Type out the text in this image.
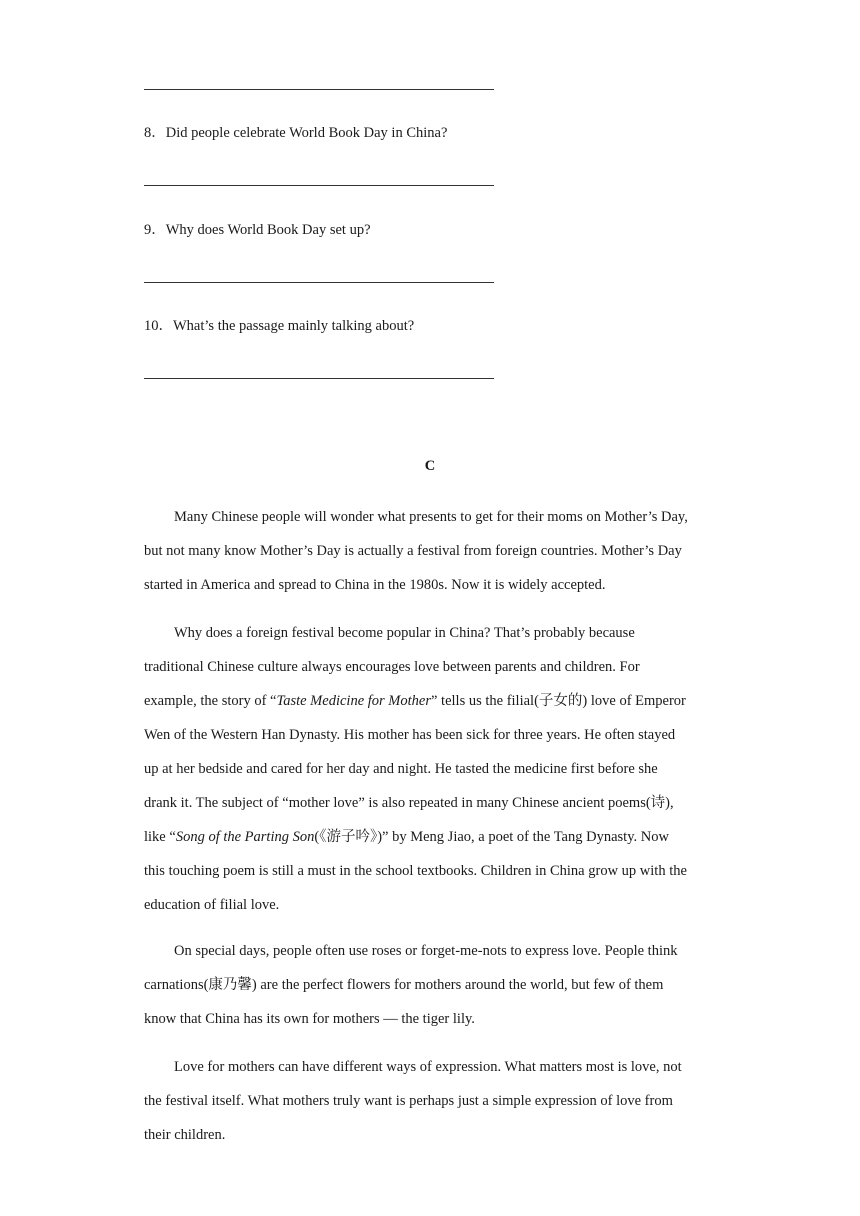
8．Did people celebrate World Book Day in China?

9．Why does World Book Day set up?

10．What’s the passage mainly talking about?

C

Many Chinese people will wonder what presents to get for their moms on Mother’s Day,
but not many know Mother’s Day is actually a festival from foreign countries. Mother’s Day
started in America and spread to China in the 1980s. Now it is widely accepted.

Why does a foreign festival become popular in China? That’s probably because
traditional Chinese culture always encourages love between parents and children. For
example, the story of “Taste Medicine for Mother” tells us the filial(子女的) love of Emperor
Wen of the Western Han Dynasty. His mother has been sick for three years. He often stayed
up at her bedside and cared for her day and night. He tasted the medicine first before she
drank it. The subject of “mother love” is also repeated in many Chinese ancient poems(诗),
like “Song of the Parting Son(《游子吟》)” by Meng Jiao, a poet of the Tang Dynasty. Now
this touching poem is still a must in the school textbooks. Children in China grow up with the
education of filial love.

On special days, people often use roses or forget-me-nots to express love. People think
carnations(康乃馨) are the perfect flowers for mothers around the world, but few of them
know that China has its own for mothers — the tiger lily.

Love for mothers can have different ways of expression. What matters most is love, not
the festival itself. What mothers truly want is perhaps just a simple expression of love from
their children.
